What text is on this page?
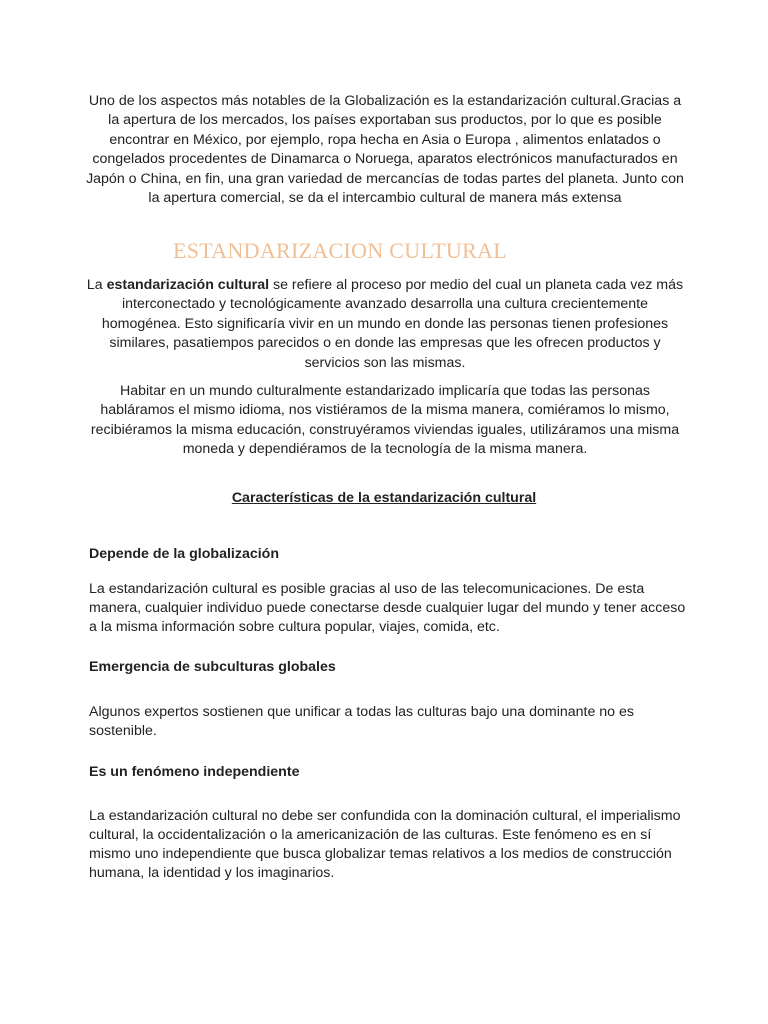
Uno de los aspectos más notables de la Globalización es la estandarización cultural.Gracias a la apertura de los mercados, los países exportaban sus productos, por lo que es posible encontrar en México, por ejemplo, ropa hecha en Asia o Europa , alimentos enlatados o congelados procedentes de Dinamarca o Noruega, aparatos electrónicos manufacturados en Japón o China, en fin, una gran variedad de mercancías de todas partes del planeta. Junto con la apertura comercial, se da el intercambio cultural de manera más extensa

ESTANDARIZACION CULTURAL

La estandarización cultural se refiere al proceso por medio del cual un planeta cada vez más interconectado y tecnológicamente avanzado desarrolla una cultura crecientemente homogénea. Esto significaría vivir en un mundo en donde las personas tienen profesiones similares, pasatiempos parecidos o en donde las empresas que les ofrecen productos y servicios son las mismas.

Habitar en un mundo culturalmente estandarizado implicaría que todas las personas habláramos el mismo idioma, nos vistiéramos de la misma manera, comiéramos lo mismo, recibiéramos la misma educación, construyéramos viviendas iguales, utilizáramos una misma moneda y dependiéramos de la tecnología de la misma manera.

Características de la estandarización cultural
Depende de la globalización

La estandarización cultural es posible gracias al uso de las telecomunicaciones. De esta manera, cualquier individuo puede conectarse desde cualquier lugar del mundo y tener acceso a la misma información sobre cultura popular, viajes, comida, etc.

Emergencia de subculturas globales

Algunos expertos sostienen que unificar a todas las culturas bajo una dominante no es sostenible.

Es un fenómeno independiente

La estandarización cultural no debe ser confundida con la dominación cultural, el imperialismo cultural, la occidentalización o la americanización de las culturas. Este fenómeno es en sí mismo uno independiente que busca globalizar temas relativos a los medios de construcción humana, la identidad y los imaginarios.
